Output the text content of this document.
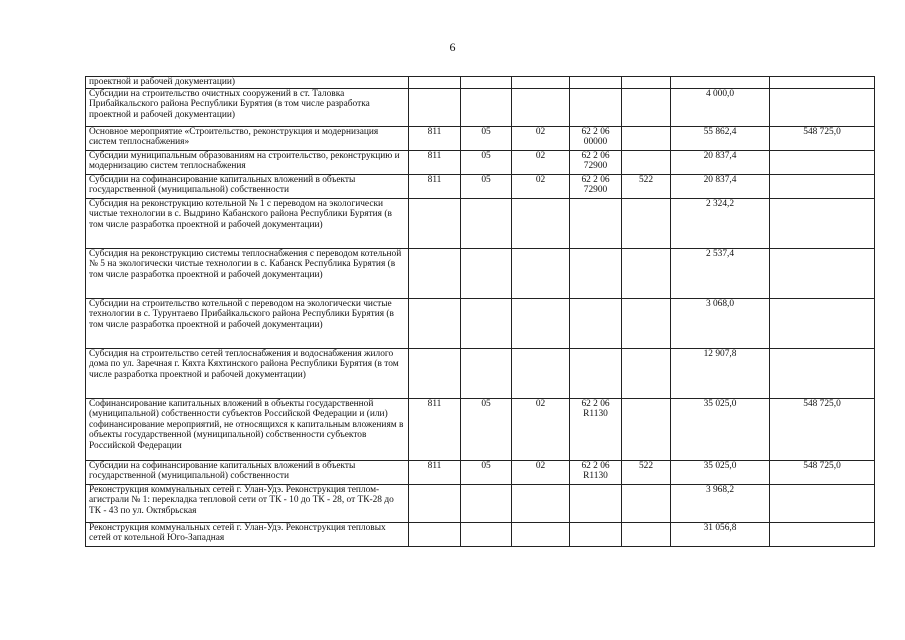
6
проектной и рабочей документации)							
Субсидии на строительство очистных сооружений в ст. Таловка Прибайкальского района Республики Бурятия (в том числе разработка проектной и рабочей документации)						4 000,0	
Основное мероприятие «Строительство, реконструкция и модернизация систем теплоснабжения»	811	05	02	62 2 06 00000		55 862,4	548 725,0
Субсидии муниципальным образованиям на строительство, реконструкцию и модернизацию систем теплоснабжения	811	05	02	62 2 06 72900		20 837,4	
Субсидии на софинансирование капитальных вложений в объекты государственной (муниципальной) собственности	811	05	02	62 2 06 72900	522	20 837,4	
Субсидия на реконструкцию котельной № 1 с переводом на экологически чистые технологии в с. Выдрино Кабанского района Республики Бурятия (в том числе разработка проектной и рабочей документации)						2 324,2	
Субсидия на реконструкцию системы теплоснабжения с переводом котельной № 5 на экологически чистые технологии в с. Кабанск Республика Бурятия (в том числе разработка проектной и рабочей документации)						2 537,4	
Субсидии на строительство котельной с переводом на экологически чистые технологии в с. Турунтаево Прибайкальского района Республики Бурятия (в том числе разработка проектной и рабочей документации)						3 068,0	
Субсидия на строительство сетей теплоснабжения и водоснабжения жилого дома по ул. Заречная г. Кяхта Кяхтинского района Республики Бурятия (в том числе разработка проектной и рабочей документации)						12 907,8	
Софинансирование капитальных вложений в объекты государственной (муниципальной) собственности субъектов Российской Федерации и (или) софинансирование мероприятий, не относящихся к капитальным вложениям в объекты государственной (муниципальной) собственности субъектов Российской Федерации	811	05	02	62 2 06 R1130		35 025,0	548 725,0
Субсидии на софинансирование капитальных вложений в объекты государственной (муниципальной) собственности	811	05	02	62 2 06 R1130	522	35 025,0	548 725,0
Реконструкция коммунальных сетей г. Улан-Удэ. Реконструкция тепломагистрали № 1: перекладка тепловой сети от ТК - 10 до ТК - 28, от ТК-28 до ТК - 43 по ул. Октябрьская						3 968,2	
Реконструкция коммунальных сетей г. Улан-Удэ. Реконструкция тепловых сетей от котельной Юго-Западная						31 056,8	
